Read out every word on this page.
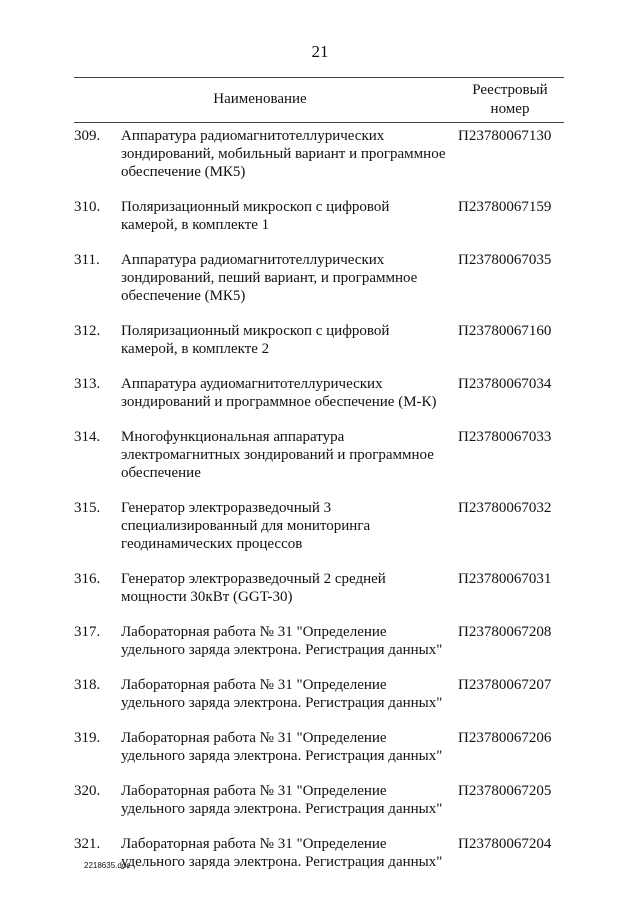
21
Наименование
Реестровый
номер
309.	Аппаратура радиомагнитотеллурических
зондирований, мобильный вариант и программное
обеспечение (МК5)
П23780067130
310.	Поляризационный микроскоп с цифровой
камерой, в комплекте 1
П23780067159
311.	Аппаратура радиомагнитотеллурических
зондирований, пеший вариант, и программное
обеспечение (МК5)
П23780067035
312.	Поляризационный микроскоп с цифровой
камерой, в комплекте 2
П23780067160
313.	Аппаратура аудиомагнитотеллурических
зондирований и программное обеспечение (М-К)
П23780067034
314.	Многофункциональная аппаратура
электромагнитных зондирований и программное
обеспечение
П23780067033
315.	Генератор электроразведочный 3
специализированный для мониторинга
геодинамических процессов
П23780067032
316.	Генератор электроразведочный 2 средней
мощности 30кВт (GGT-30)
П23780067031
317.	Лабораторная работа № 31 "Определение
удельного заряда электрона. Регистрация данных"
П23780067208
318.	Лабораторная работа № 31 "Определение
удельного заряда электрона. Регистрация данных"
П23780067207
319.	Лабораторная работа № 31 "Определение
удельного заряда электрона. Регистрация данных"
П23780067206
320.	Лабораторная работа № 31 "Определение
удельного заряда электрона. Регистрация данных"
П23780067205
321.	Лабораторная работа № 31 "Определение
удельного заряда электрона. Регистрация данных"
П23780067204
2218635.doc
